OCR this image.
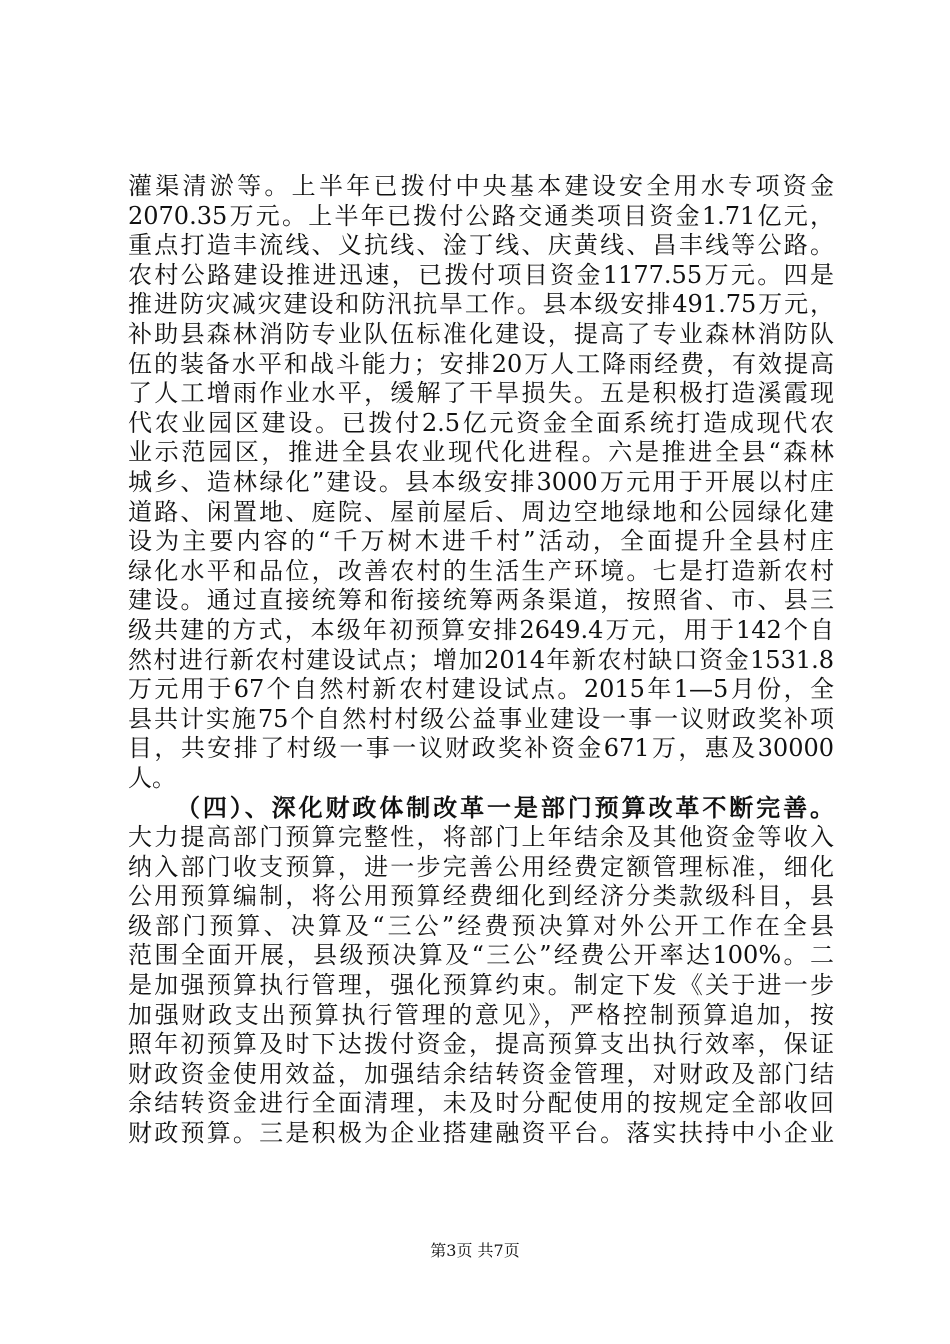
灌渠清淤等。上半年已拨付中央基本建设安全用水专项资金
2070.35万元。上半年已拨付公路交通类项目资金1.71亿元，
重点打造丰流线、义抗线、淦丁线、庆黄线、昌丰线等公路。
农村公路建设推进迅速，已拨付项目资金1177.55万元。四是
推进防灾减灾建设和防汛抗旱工作。县本级安排491.75万元，
补助县森林消防专业队伍标准化建设，提高了专业森林消防队
伍的装备水平和战斗能力；安排20万人工降雨经费，有效提高
了人工增雨作业水平，缓解了干旱损失。五是积极打造溪霞现
代农业园区建设。已拨付2.5亿元资金全面系统打造成现代农
业示范园区，推进全县农业现代化进程。六是推进全县“森林
城乡、造林绿化”建设。县本级安排3000万元用于开展以村庄
道路、闲置地、庭院、屋前屋后、周边空地绿地和公园绿化建
设为主要内容的“千万树木进千村”活动，全面提升全县村庄
绿化水平和品位，改善农村的生活生产环境。七是打造新农村
建设。通过直接统筹和衔接统筹两条渠道，按照省、市、县三
级共建的方式，本级年初预算安排2649.4万元，用于142个自
然村进行新农村建设试点；增加2014年新农村缺口资金1531.8
万元用于67个自然村新农村建设试点。2015年1—5月份，全
县共计实施75个自然村村级公益事业建设一事一议财政奖补项
目，共安排了村级一事一议财政奖补资金671万，惠及30000
人。
（四）、深化财政体制改革一是部门预算改革不断完善。
大力提高部门预算完整性，将部门上年结余及其他资金等收入
纳入部门收支预算，进一步完善公用经费定额管理标准，细化
公用预算编制，将公用预算经费细化到经济分类款级科目，县
级部门预算、决算及“三公”经费预决算对外公开工作在全县
范围全面开展，县级预决算及“三公”经费公开率达100%。二
是加强预算执行管理，强化预算约束。制定下发《关于进一步
加强财政支出预算执行管理的意见》，严格控制预算追加，按
照年初预算及时下达拨付资金，提高预算支出执行效率，保证
财政资金使用效益，加强结余结转资金管理，对财政及部门结
余结转资金进行全面清理，未及时分配使用的按规定全部收回
财政预算。三是积极为企业搭建融资平台。落实扶持中小企业
第3页 共7页
